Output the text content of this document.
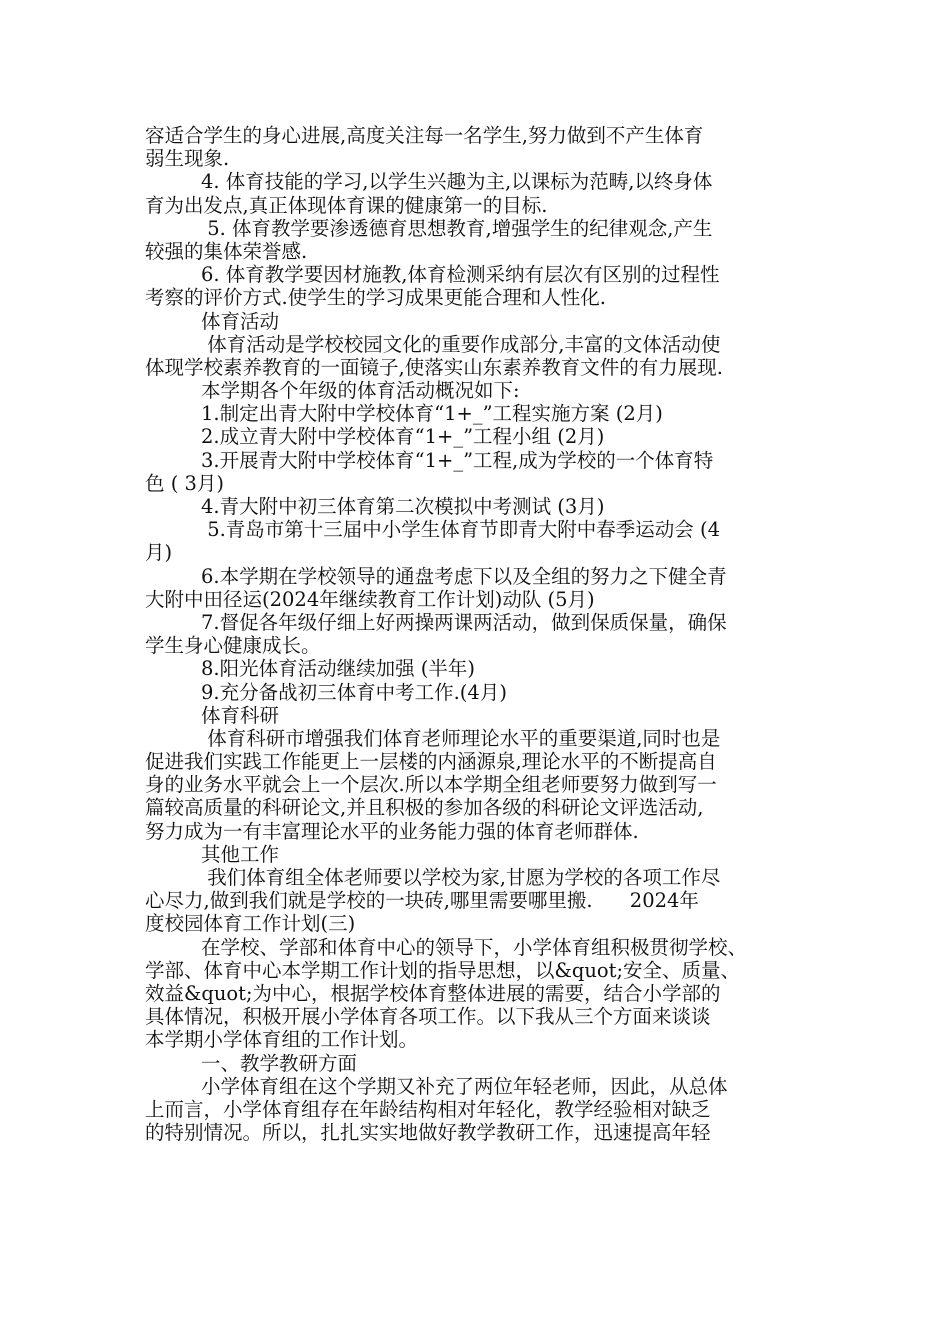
容适合学生的身心进展,高度关注每一名学生,努力做到不产生体育
弱生现象.
4. 体育技能的学习,以学生兴趣为主,以课标为范畴,以终身体
育为出发点,真正体现体育课的健康第一的目标.
5. 体育教学要渗透德育思想教育,增强学生的纪律观念,产生
较强的集体荣誉感.
6. 体育教学要因材施教,体育检测采纳有层次有区别的过程性
考察的评价方式.使学生的学习成果更能合理和人性化.
体育活动
体育活动是学校校园文化的重要作成部分,丰富的文体活动使
体现学校素养教育的一面镜子,使落实山东素养教育文件的有力展现.
本学期各个年级的体育活动概况如下:
1.制定出青大附中学校体育“1+_”工程实施方案 (2月)
2.成立青大附中学校体育“1+_”工程小组 (2月)
3.开展青大附中学校体育“1+_”工程,成为学校的一个体育特
色 ( 3月)
4.青大附中初三体育第二次模拟中考测试 (3月)
5.青岛市第十三届中小学生体育节即青大附中春季运动会 (4
月)
6.本学期在学校领导的通盘考虑下以及全组的努力之下健全青
大附中田径运(2024年继续教育工作计划)动队 (5月)
7.督促各年级仔细上好两操两课两活动，做到保质保量，确保
学生身心健康成长。
8.阳光体育活动继续加强 (半年)
9.充分备战初三体育中考工作.(4月)
体育科研
体育科研市增强我们体育老师理论水平的重要渠道,同时也是
促进我们实践工作能更上一层楼的内涵源泉,理论水平的不断提高自
身的业务水平就会上一个层次.所以本学期全组老师要努力做到写一
篇较高质量的科研论文,并且积极的参加各级的科研论文评选活动,
努力成为一有丰富理论水平的业务能力强的体育老师群体.
其他工作
我们体育组全体老师要以学校为家,甘愿为学校的各项工作尽
心尽力,做到我们就是学校的一块砖,哪里需要哪里搬.      2024年
度校园体育工作计划(三)
在学校、学部和体育中心的领导下，小学体育组积极贯彻学校、
学部、体育中心本学期工作计划的指导思想，以&quot;安全、质量、
效益&quot;为中心，根据学校体育整体进展的需要，结合小学部的
具体情况，积极开展小学体育各项工作。以下我从三个方面来谈谈
本学期小学体育组的工作计划。
一、教学教研方面
小学体育组在这个学期又补充了两位年轻老师，因此，从总体
上而言，小学体育组存在年龄结构相对年轻化，教学经验相对缺乏
的特别情况。所以，扎扎实实地做好教学教研工作，迅速提高年轻
